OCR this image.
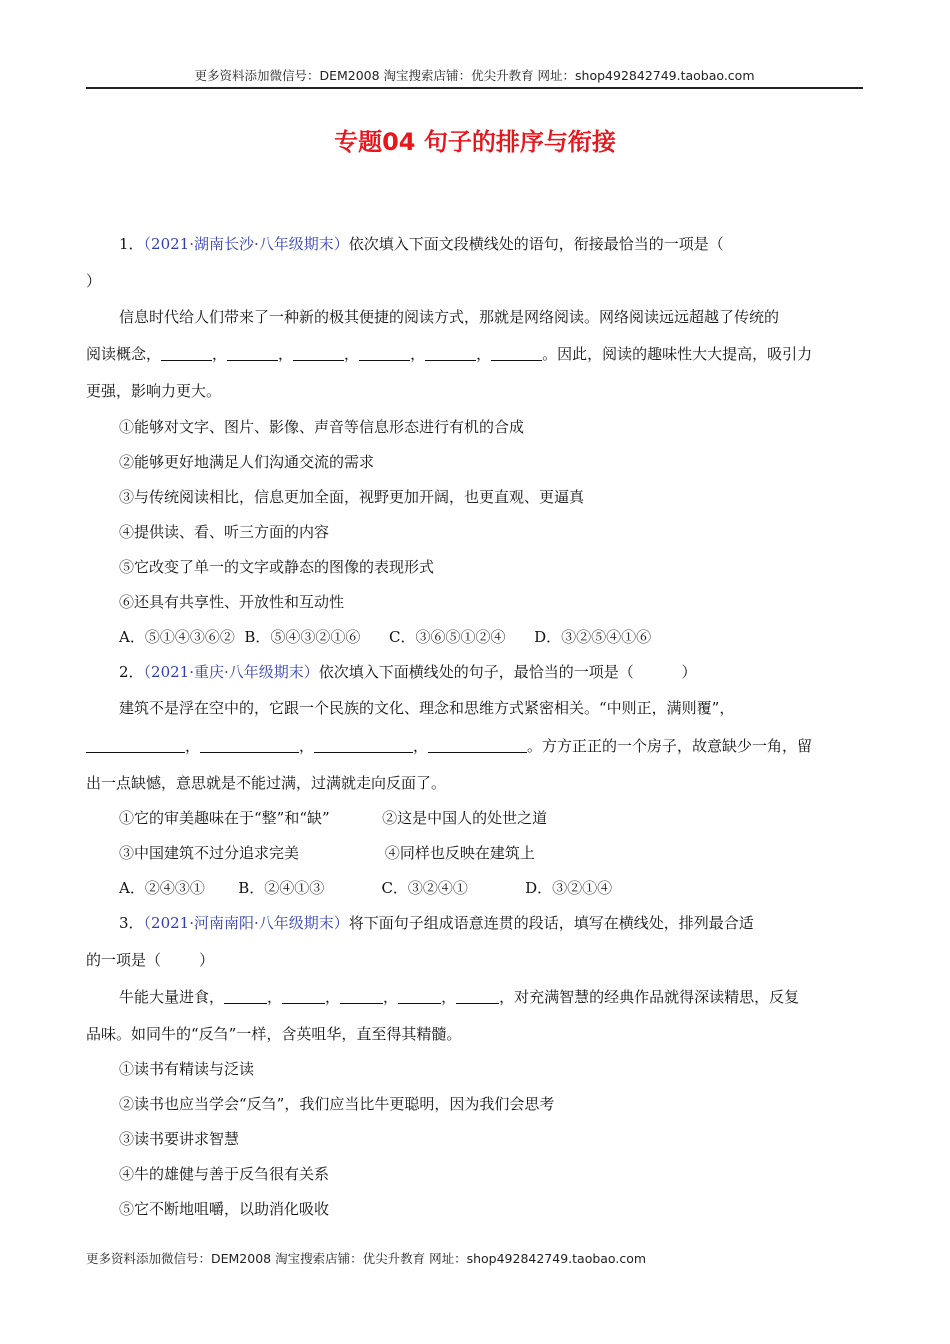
更多资料添加微信号：DEM2008 淘宝搜索店铺：优尖升教育 网址：shop492842749.taobao.com
专题04 句子的排序与衔接
1．（2021·湖南长沙·八年级期末）依次填入下面文段横线处的语句，衔接最恰当的一项是（
）
信息时代给人们带来了一种新的极其便捷的阅读方式，那就是网络阅读。网络阅读远远超越了传统的
阅读概念，	，	，	，	，	，	。因此，阅读的趣味性大大提高，吸引力
更强，影响力更大。
①能够对文字、图片、影像、声音等信息形态进行有机的合成
②能够更好地满足人们沟通交流的需求
③与传统阅读相比，信息更加全面，视野更加开阔，也更直观、更逼真
④提供读、看、听三方面的内容
⑤它改变了单一的文字或静态的图像的表现形式
⑥还具有共享性、开放性和互动性
A．⑤①④③⑥②  B．⑤④③②①⑥      C．③⑥⑤①②④      D．③②⑤④①⑥
2．（2021·重庆·八年级期末）依次填入下面横线处的句子，最恰当的一项是（          ）
建筑不是浮在空中的，它跟一个民族的文化、理念和思维方式紧密相关。“中则正，满则覆”，
，	，	，	。方方正正的一个房子，故意缺少一角，留
出一点缺憾，意思就是不能过满，过满就走向反面了。
①它的审美趣味在于“整”和“缺”           ②这是中国人的处世之道
③中国建筑不过分追求完美                  ④同样也反映在建筑上
A．②④③①       B．②④①③            C．③②④①            D．③②①④
3．（2021·河南南阳·八年级期末）将下面句子组成语意连贯的段话，填写在横线处，排列最合适
的一项是（        ）
牛能大量进食，	，	，	，	，	，对充满智慧的经典作品就得深读精思，反复
品味。如同牛的“反刍”一样，含英咀华，直至得其精髓。
①读书有精读与泛读
②读书也应当学会“反刍”，我们应当比牛更聪明，因为我们会思考
③读书要讲求智慧
④牛的雄健与善于反刍很有关系
⑤它不断地咀嚼，以助消化吸收
更多资料添加微信号：DEM2008 淘宝搜索店铺：优尖升教育 网址：shop492842749.taobao.com
